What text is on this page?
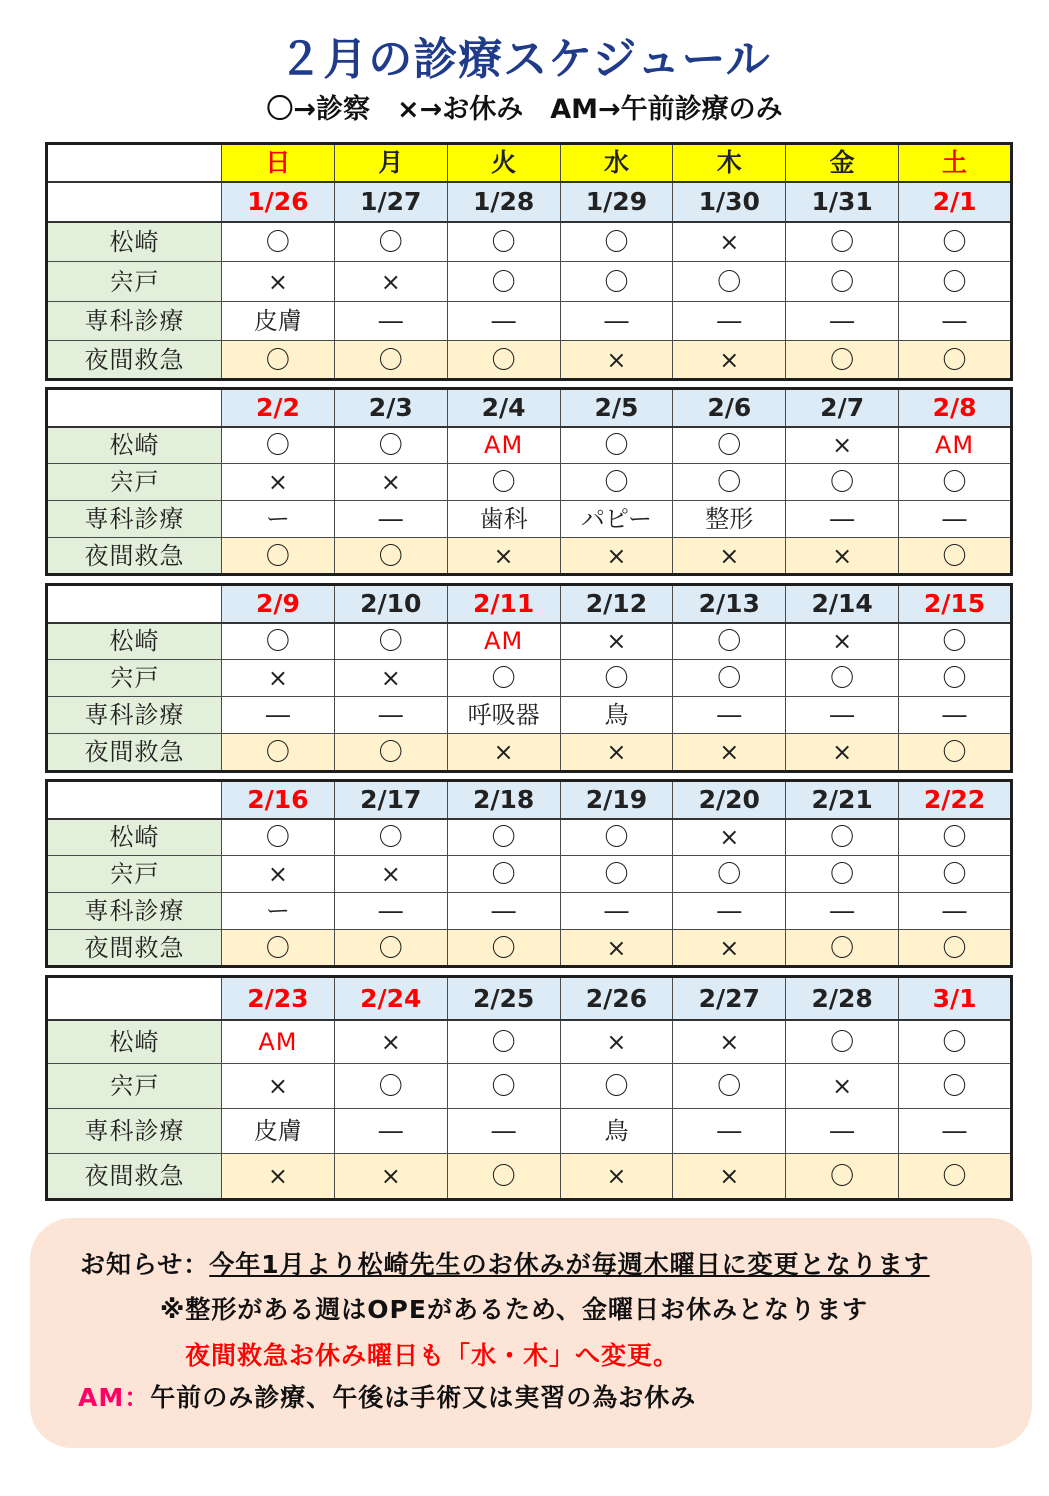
２月の診療スケジュール
〇→診察　×→お休み　AM→午前診療のみ
	日	月	火	水	木	金	土
	1/26	1/27	1/28	1/29	1/30	1/31	2/1
松崎	〇	〇	〇	〇	×	〇	〇
宍戸	×	×	〇	〇	〇	〇	〇
専科診療	皮膚	―	―	―	―	―	―
夜間救急	〇	〇	〇	×	×	〇	〇
	2/2	2/3	2/4	2/5	2/6	2/7	2/8
松崎	〇	〇	AM	〇	〇	×	AM
宍戸	×	×	〇	〇	〇	〇	〇
専科診療	ー	―	歯科	パピー	整形	―	―
夜間救急	〇	〇	×	×	×	×	〇
	2/9	2/10	2/11	2/12	2/13	2/14	2/15
松崎	〇	〇	AM	×	〇	×	〇
宍戸	×	×	〇	〇	〇	〇	〇
専科診療	―	―	呼吸器	鳥	―	―	―
夜間救急	〇	〇	×	×	×	×	〇
	2/16	2/17	2/18	2/19	2/20	2/21	2/22
松崎	〇	〇	〇	〇	×	〇	〇
宍戸	×	×	〇	〇	〇	〇	〇
専科診療	ー	―	―	―	―	―	―
夜間救急	〇	〇	〇	×	×	〇	〇
	2/23	2/24	2/25	2/26	2/27	2/28	3/1
松崎	AM	×	〇	×	×	〇	〇
宍戸	×	〇	〇	〇	〇	×	〇
専科診療	皮膚	―	―	鳥	―	―	―
夜間救急	×	×	〇	×	×	〇	〇
お知らせ：今年1月より松崎先生のお休みが毎週木曜日に変更となります
※整形がある週はOPEがあるため、金曜日お休みとなります
夜間救急お休み曜日も「水・木」へ変更。
AM：午前のみ診療、午後は手術又は実習の為お休み
